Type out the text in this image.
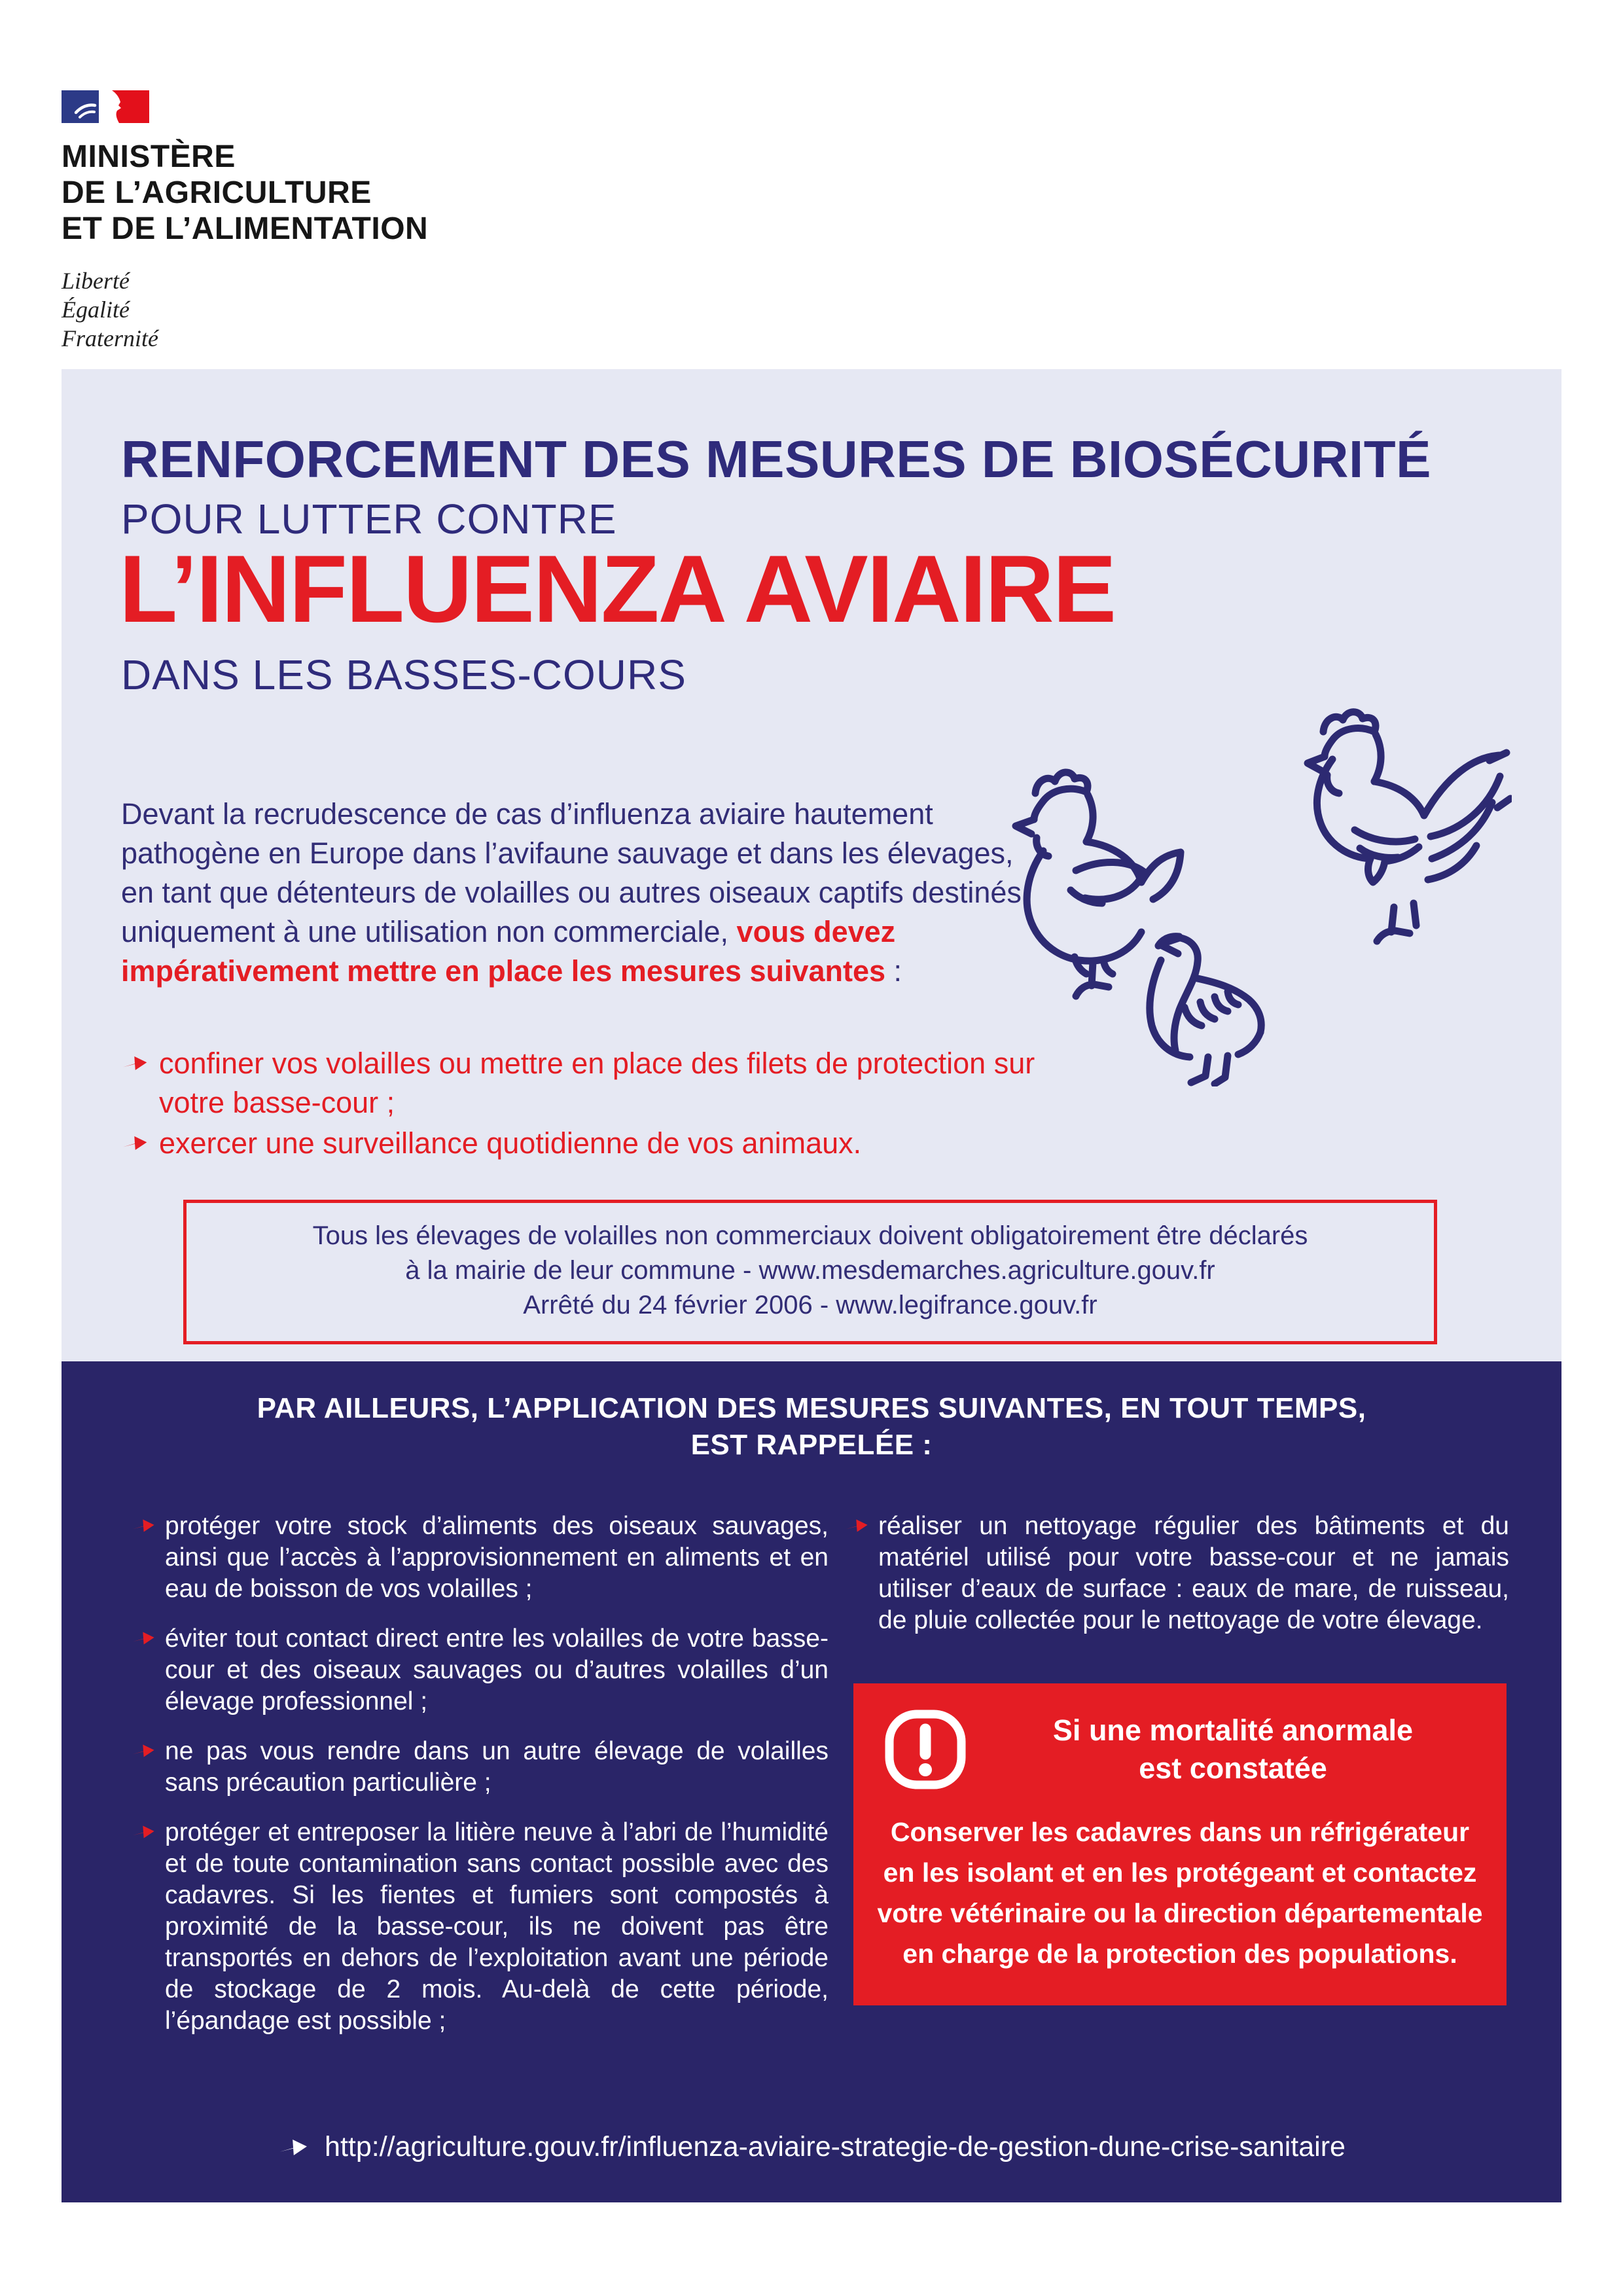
MINISTÈRE
DE L’AGRICULTURE
ET DE L’ALIMENTATION
Liberté
Égalité
Fraternité
RENFORCEMENT DES MESURES DE BIOSÉCURITÉ
POUR LUTTER CONTRE
L’INFLUENZA AVIAIRE
DANS LES BASSES-COURS

Devant la recrudescence de cas d’influenza aviaire hautement pathogène en Europe dans l’avifaune sauvage et dans les élevages, en tant que détenteurs de volailles ou autres oiseaux captifs destinés uniquement à une utilisation non commerciale, vous devez impérativement mettre en place les mesures suivantes :

confiner vos volailles ou mettre en place des filets de protection sur votre basse-cour ;
exercer une surveillance quotidienne de vos animaux.
Tous les élevages de volailles non commerciaux doivent obligatoirement être déclarés
à la mairie de leur commune - www.mesdemarches.agriculture.gouv.fr
Arrêté du 24 février 2006 - www.legifrance.gouv.fr
PAR AILLEURS, L’APPLICATION DES MESURES SUIVANTES, EN TOUT TEMPS,
EST RAPPELÉE :
protéger votre stock d’aliments des oiseaux sauvages, ainsi que l’accès à l’approvisionnement en aliments et en eau de boisson de vos volailles ;
éviter tout contact direct entre les volailles de votre basse-cour et des oiseaux sauvages ou d’autres volailles d’un élevage professionnel ;
ne pas vous rendre dans un autre élevage de volailles sans précaution particulière ;
protéger et entreposer la litière neuve à l’abri de l’humidité et de toute contamination sans contact possible avec des cadavres. Si les fientes et fumiers sont compostés à proximité de la basse-cour, ils ne doivent pas être transportés en dehors de l’exploitation avant une période de stockage de 2 mois. Au-delà de cette période, l’épandage est possible ;
réaliser un nettoyage régulier des bâtiments et du matériel utilisé pour votre basse-cour et ne jamais utiliser d’eaux de surface : eaux de mare, de ruisseau, de pluie collectée pour le nettoyage de votre élevage.
Si une mortalité anormale
est constatée
Conserver les cadavres dans un réfrigérateur en les isolant et en les protégeant et contactez votre vétérinaire ou la direction départementale en charge de la protection des populations.
http://agriculture.gouv.fr/influenza-aviaire-strategie-de-gestion-dune-crise-sanitaire
